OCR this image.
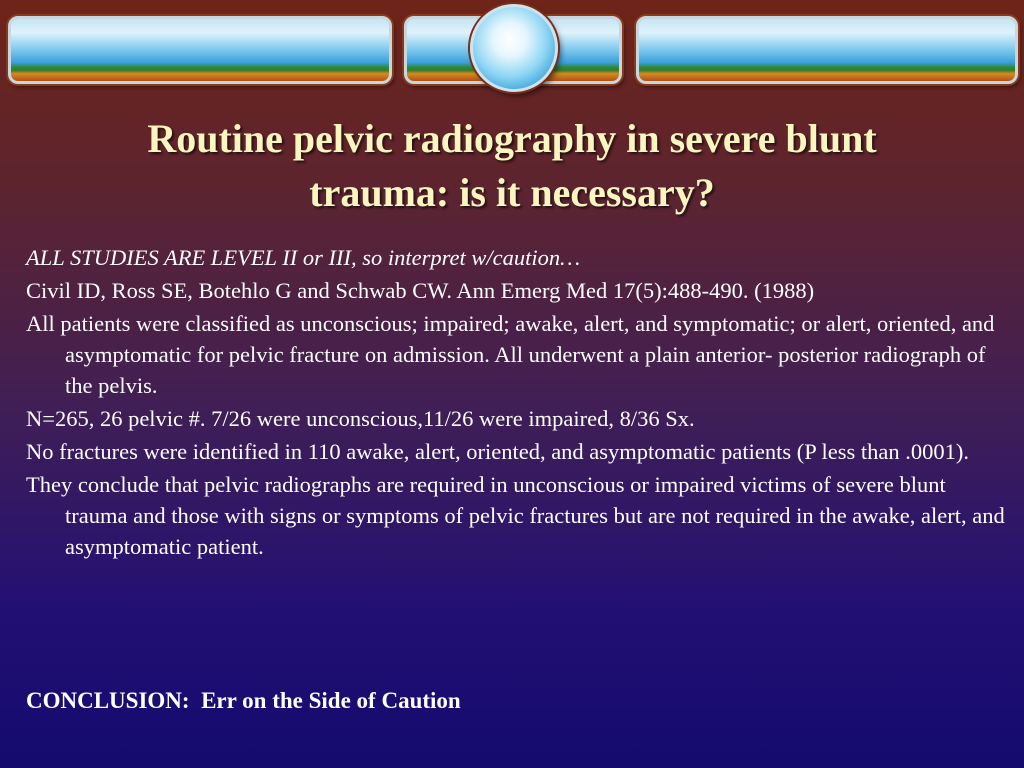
Routine pelvic radiography in severe blunt
trauma: is it necessary?
ALL STUDIES ARE LEVEL II or III, so interpret w/caution…
Civil ID, Ross SE, Botehlo G and Schwab CW. Ann Emerg Med 17(5):488-490. (1988)
All patients were classified as unconscious; impaired; awake, alert, and symptomatic; or alert, oriented, and asymptomatic for pelvic fracture on admission. All underwent a plain anterior- posterior radiograph of the pelvis.
N=265, 26 pelvic #. 7/26 were unconscious,11/26 were impaired, 8/36 Sx.
No fractures were identified in 110 awake, alert, oriented, and asymptomatic patients (P less than .0001).
They conclude that pelvic radiographs are required in unconscious or impaired victims of severe blunt trauma and those with signs or symptoms of pelvic fractures but are not required in the awake, alert, and asymptomatic patient.
CONCLUSION:  Err on the Side of Caution
